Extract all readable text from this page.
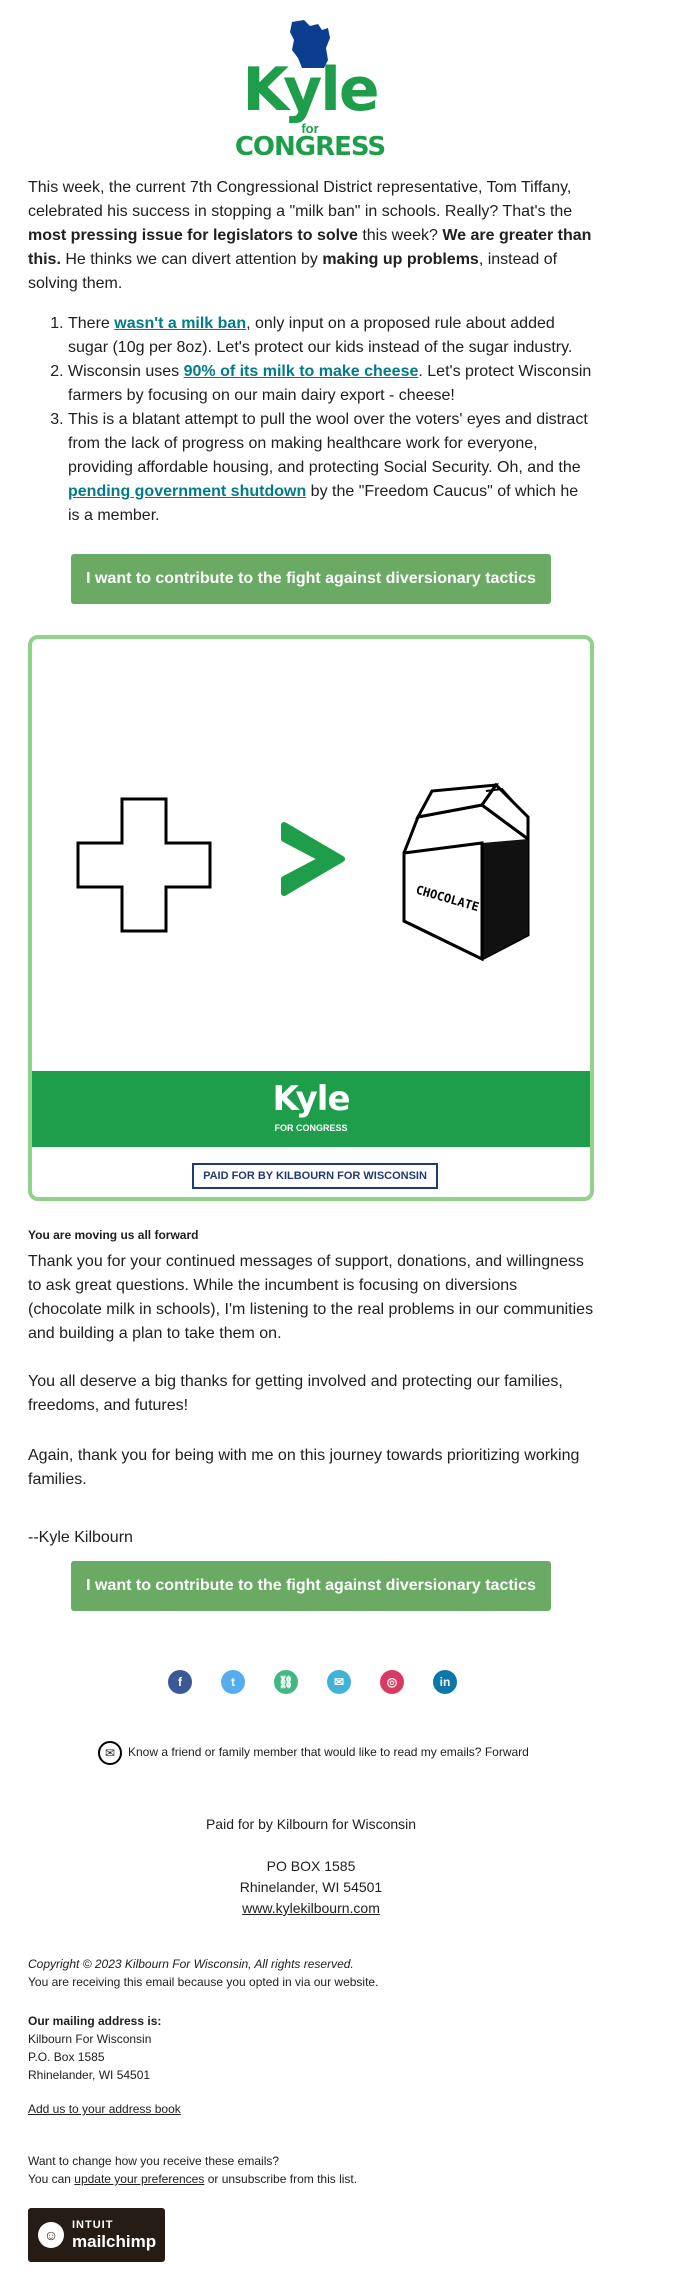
Kyle
for
CONGRESS
This week, the current 7th Congressional District representative, Tom Tiffany, celebrated his success in stopping a "milk ban" in schools. Really? That's the most pressing issue for legislators to solve this week? We are greater than this. He thinks we can divert attention by making up problems, instead of solving them.
1. There wasn't a milk ban, only input on a proposed rule about added sugar (10g per 8oz). Let's protect our kids instead of the sugar industry.
2. Wisconsin uses 90% of its milk to make cheese. Let's protect Wisconsin farmers by focusing on our main dairy export - cheese!
3. This is a blatant attempt to pull the wool over the voters' eyes and distract from the lack of progress on making healthcare work for everyone, providing affordable housing, and protecting Social Security. Oh, and the pending government shutdown by the "Freedom Caucus" of which he is a member.
I want to contribute to the fight against diversionary tactics
CHOCOLATE
Kyle
FOR CONGRESS
PAID FOR BY KILBOURN FOR WISCONSIN
You are moving us all forward
Thank you for your continued messages of support, donations, and willingness to ask great questions. While the incumbent is focusing on diversions (chocolate milk in schools), I'm listening to the real problems in our communities and building a plan to take them on.
You all deserve a big thanks for getting involved and protecting our families, freedoms, and futures!
Again, thank you for being with me on this journey towards prioritizing working families.
--Kyle Kilbourn
I want to contribute to the fight against diversionary tactics
f	t	⛓	✉	◎	in
✉ Know a friend or family member that would like to read my emails? Forward
Paid for by Kilbourn for Wisconsin
PO BOX 1585
Rhinelander, WI 54501
www.kylekilbourn.com
Copyright © 2023 Kilbourn For Wisconsin, All rights reserved.
You are receiving this email because you opted in via our website.
Our mailing address is:
Kilbourn For Wisconsin
P.O. Box 1585
Rhinelander, WI 54501
Add us to your address book
Want to change how you receive these emails?
You can update your preferences or unsubscribe from this list.
☺
INTUIT
mailchimp
